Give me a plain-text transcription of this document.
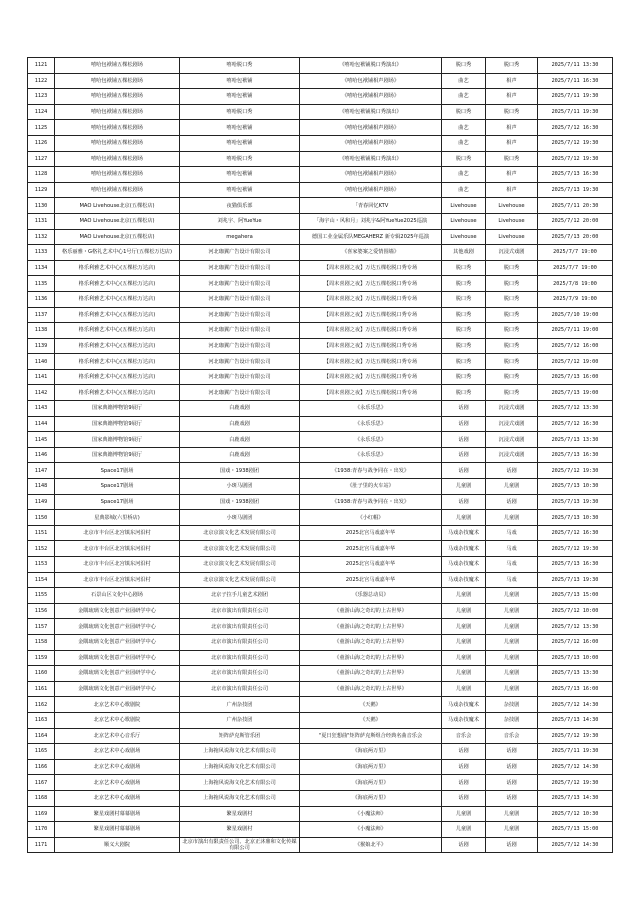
1121	嘻哈包袱铺五棵松剧场	嘻哈脱口秀	《嘻哈包袱铺脱口秀演出》	脱口秀	脱口秀	2025/7/11 13:30
1122	嘻哈包袱铺五棵松剧场	嘻哈包袱铺	《嘻哈包袱铺相声剧场》	曲艺	相声	2025/7/11 16:30
1123	嘻哈包袱铺五棵松剧场	嘻哈包袱铺	《嘻哈包袱铺相声剧场》	曲艺	相声	2025/7/11 19:30
1124	嘻哈包袱铺五棵松剧场	嘻哈脱口秀	《嘻哈包袱铺脱口秀演出》	脱口秀	脱口秀	2025/7/11 19:30
1125	嘻哈包袱铺五棵松剧场	嘻哈包袱铺	《嘻哈包袱铺相声剧场》	曲艺	相声	2025/7/12 16:30
1126	嘻哈包袱铺五棵松剧场	嘻哈包袱铺	《嘻哈包袱铺相声剧场》	曲艺	相声	2025/7/12 19:30
1127	嘻哈包袱铺五棵松剧场	嘻哈脱口秀	《嘻哈包袱铺脱口秀演出》	脱口秀	脱口秀	2025/7/12 19:30
1128	嘻哈包袱铺五棵松剧场	嘻哈包袱铺	《嘻哈包袱铺相声剧场》	曲艺	相声	2025/7/13 16:30
1129	嘻哈包袱铺五棵松剧场	嘻哈包袱铺	《嘻哈包袱铺相声剧场》	曲艺	相声	2025/7/13 19:30
1130	MAO Livehouse北京(五棵松店)	夜猫俱乐部	「青春回忆KTV	Livehouse	Livehouse	2025/7/11 20:30
1131	MAO Livehouse北京(五棵松店)	刘兆宇、阿YueYue	「海宇山・风和月」刘兆宇&阿YueYue2025巡演	Livehouse	Livehouse	2025/7/12 20:00
1132	MAO Livehouse北京(五棵松店)	megahera	德国工业金属乐队MEGAHERZ 新专辑2025年巡演	Livehouse	Livehouse	2025/7/13 20:00
1133	格乐丽雅・G格礼艺术中心1号厅(五棵松万达店)	河北珈翼广告设计有限公司	《喜家婆案之爱情围墙》	其他戏剧	沉浸式戏剧	2025/7/7 19:00
1134	格乐利雅艺术中心(五棵松万达店)	河北珈翼广告设计有限公司	【周末喜剧之夜】万达五棵松脱口秀专场	脱口秀	脱口秀	2025/7/7 19:00
1135	格乐利雅艺术中心(五棵松万达店)	河北珈翼广告设计有限公司	【周末喜剧之夜】万达五棵松脱口秀专场	脱口秀	脱口秀	2025/7/8 19:00
1136	格乐利雅艺术中心(五棵松万达店)	河北珈翼广告设计有限公司	【周末喜剧之夜】万达五棵松脱口秀专场	脱口秀	脱口秀	2025/7/9 19:00
1137	格乐利雅艺术中心(五棵松万达店)	河北珈翼广告设计有限公司	【周末喜剧之夜】万达五棵松脱口秀专场	脱口秀	脱口秀	2025/7/10 19:00
1138	格乐利雅艺术中心(五棵松万达店)	河北珈翼广告设计有限公司	【周末喜剧之夜】万达五棵松脱口秀专场	脱口秀	脱口秀	2025/7/11 19:00
1139	格乐利雅艺术中心(五棵松万达店)	河北珈翼广告设计有限公司	【周末喜剧之夜】万达五棵松脱口秀专场	脱口秀	脱口秀	2025/7/12 16:00
1140	格乐利雅艺术中心(五棵松万达店)	河北珈翼广告设计有限公司	【周末喜剧之夜】万达五棵松脱口秀专场	脱口秀	脱口秀	2025/7/12 19:00
1141	格乐利雅艺术中心(五棵松万达店)	河北珈翼广告设计有限公司	【周末喜剧之夜】万达五棵松脱口秀专场	脱口秀	脱口秀	2025/7/13 16:00
1142	格乐利雅艺术中心(五棵松万达店)	河北珈翼广告设计有限公司	【周末喜剧之夜】万达五棵松脱口秀专场	脱口秀	脱口秀	2025/7/13 19:00
1143	国家典籍博物馆9展厅	白鹿戏剧	《永乐乐思》	话剧	沉浸式戏剧	2025/7/12 13:30
1144	国家典籍博物馆9展厅	白鹿戏剧	《永乐乐思》	话剧	沉浸式戏剧	2025/7/12 16:30
1145	国家典籍博物馆9展厅	白鹿戏剧	《永乐乐思》	话剧	沉浸式戏剧	2025/7/13 13:30
1146	国家典籍博物馆9展厅	白鹿戏剧	《永乐乐思》	话剧	沉浸式戏剧	2025/7/13 16:30
1147	Space17剧场	国戏・1938剧团	《1938:青春与战争同在・出发》	话剧	话剧	2025/7/12 19:30
1148	Space17剧场	小斑马剧团	《肚子里的火车站》	儿童剧	儿童剧	2025/7/13 10:30
1149	Space17剧场	国戏・1938剧团	《1938:青春与战争同在・出发》	话剧	话剧	2025/7/13 19:30
1150	星典影城(六里桥店)	小斑马剧团	《小红帽》	儿童剧	儿童剧	2025/7/13 10:30
1151	北京市丰台区北宫镇东河沿村	北京京演文化艺术发展有限公司	2025北宫马戏嘉年华	马戏杂技魔术	马戏	2025/7/12 16:30
1152	北京市丰台区北宫镇东河沿村	北京京演文化艺术发展有限公司	2025北宫马戏嘉年华	马戏杂技魔术	马戏	2025/7/12 19:30
1153	北京市丰台区北宫镇东河沿村	北京京演文化艺术发展有限公司	2025北宫马戏嘉年华	马戏杂技魔术	马戏	2025/7/13 16:30
1154	北京市丰台区北宫镇东河沿村	北京京演文化艺术发展有限公司	2025北宫马戏嘉年华	马戏杂技魔术	马戏	2025/7/13 19:30
1155	石景山区文化中心剧场	北京子拉手儿童艺术剧团	《乐器总动员》	儿童剧	儿童剧	2025/7/13 15:00
1156	金隅琉璃文化创意产业园研学中心	北京市演出有限责任公司	《童游山海之奇幻的上古世界》	儿童剧	儿童剧	2025/7/12 10:00
1157	金隅琉璃文化创意产业园研学中心	北京市演出有限责任公司	《童游山海之奇幻的上古世界》	儿童剧	儿童剧	2025/7/12 13:30
1158	金隅琉璃文化创意产业园研学中心	北京市演出有限责任公司	《童游山海之奇幻的上古世界》	儿童剧	儿童剧	2025/7/12 16:00
1159	金隅琉璃文化创意产业园研学中心	北京市演出有限责任公司	《童游山海之奇幻的上古世界》	儿童剧	儿童剧	2025/7/13 10:00
1160	金隅琉璃文化创意产业园研学中心	北京市演出有限责任公司	《童游山海之奇幻的上古世界》	儿童剧	儿童剧	2025/7/13 13:30
1161	金隅琉璃文化创意产业园研学中心	北京市演出有限责任公司	《童游山海之奇幻的上古世界》	儿童剧	儿童剧	2025/7/13 16:00
1162	北京艺术中心歌剧院	广州杂技团	《天鹅》	马戏杂技魔术	杂技剧	2025/7/12 14:30
1163	北京艺术中心歌剧院	广州杂技团	《天鹅》	马戏杂技魔术	杂技剧	2025/7/13 14:30
1164	北京艺术中心音乐厅	矩阵萨克斯管乐团	"夏日狂想曲"矩阵萨克斯组合经典名曲音乐会	音乐会	音乐会	2025/7/12 19:30
1165	北京艺术中心戏剧场	上海拖风说海文化艺术有限公司	《海底两万里》	话剧	话剧	2025/7/11 19:30
1166	北京艺术中心戏剧场	上海拖风说海文化艺术有限公司	《海底两万里》	话剧	话剧	2025/7/12 14:30
1167	北京艺术中心戏剧场	上海拖风说海文化艺术有限公司	《海底两万里》	话剧	话剧	2025/7/12 19:30
1168	北京艺术中心戏剧场	上海拖风说海文化艺术有限公司	《海底两万里》	话剧	话剧	2025/7/13 14:30
1169	繁星戏剧村幕幕剧场	繁星戏剧村	《小魔法师》	儿童剧	儿童剧	2025/7/12 10:30
1170	繁星戏剧村幕幕剧场	繁星戏剧村	《小魔法师》	儿童剧	儿童剧	2025/7/13 15:00
1171	顺义大剧院	北京市演出有限责任公司、北京正沐鼎和文化传媒有限公司	《猴娘北平》	话剧	话剧	2025/7/12 14:30
